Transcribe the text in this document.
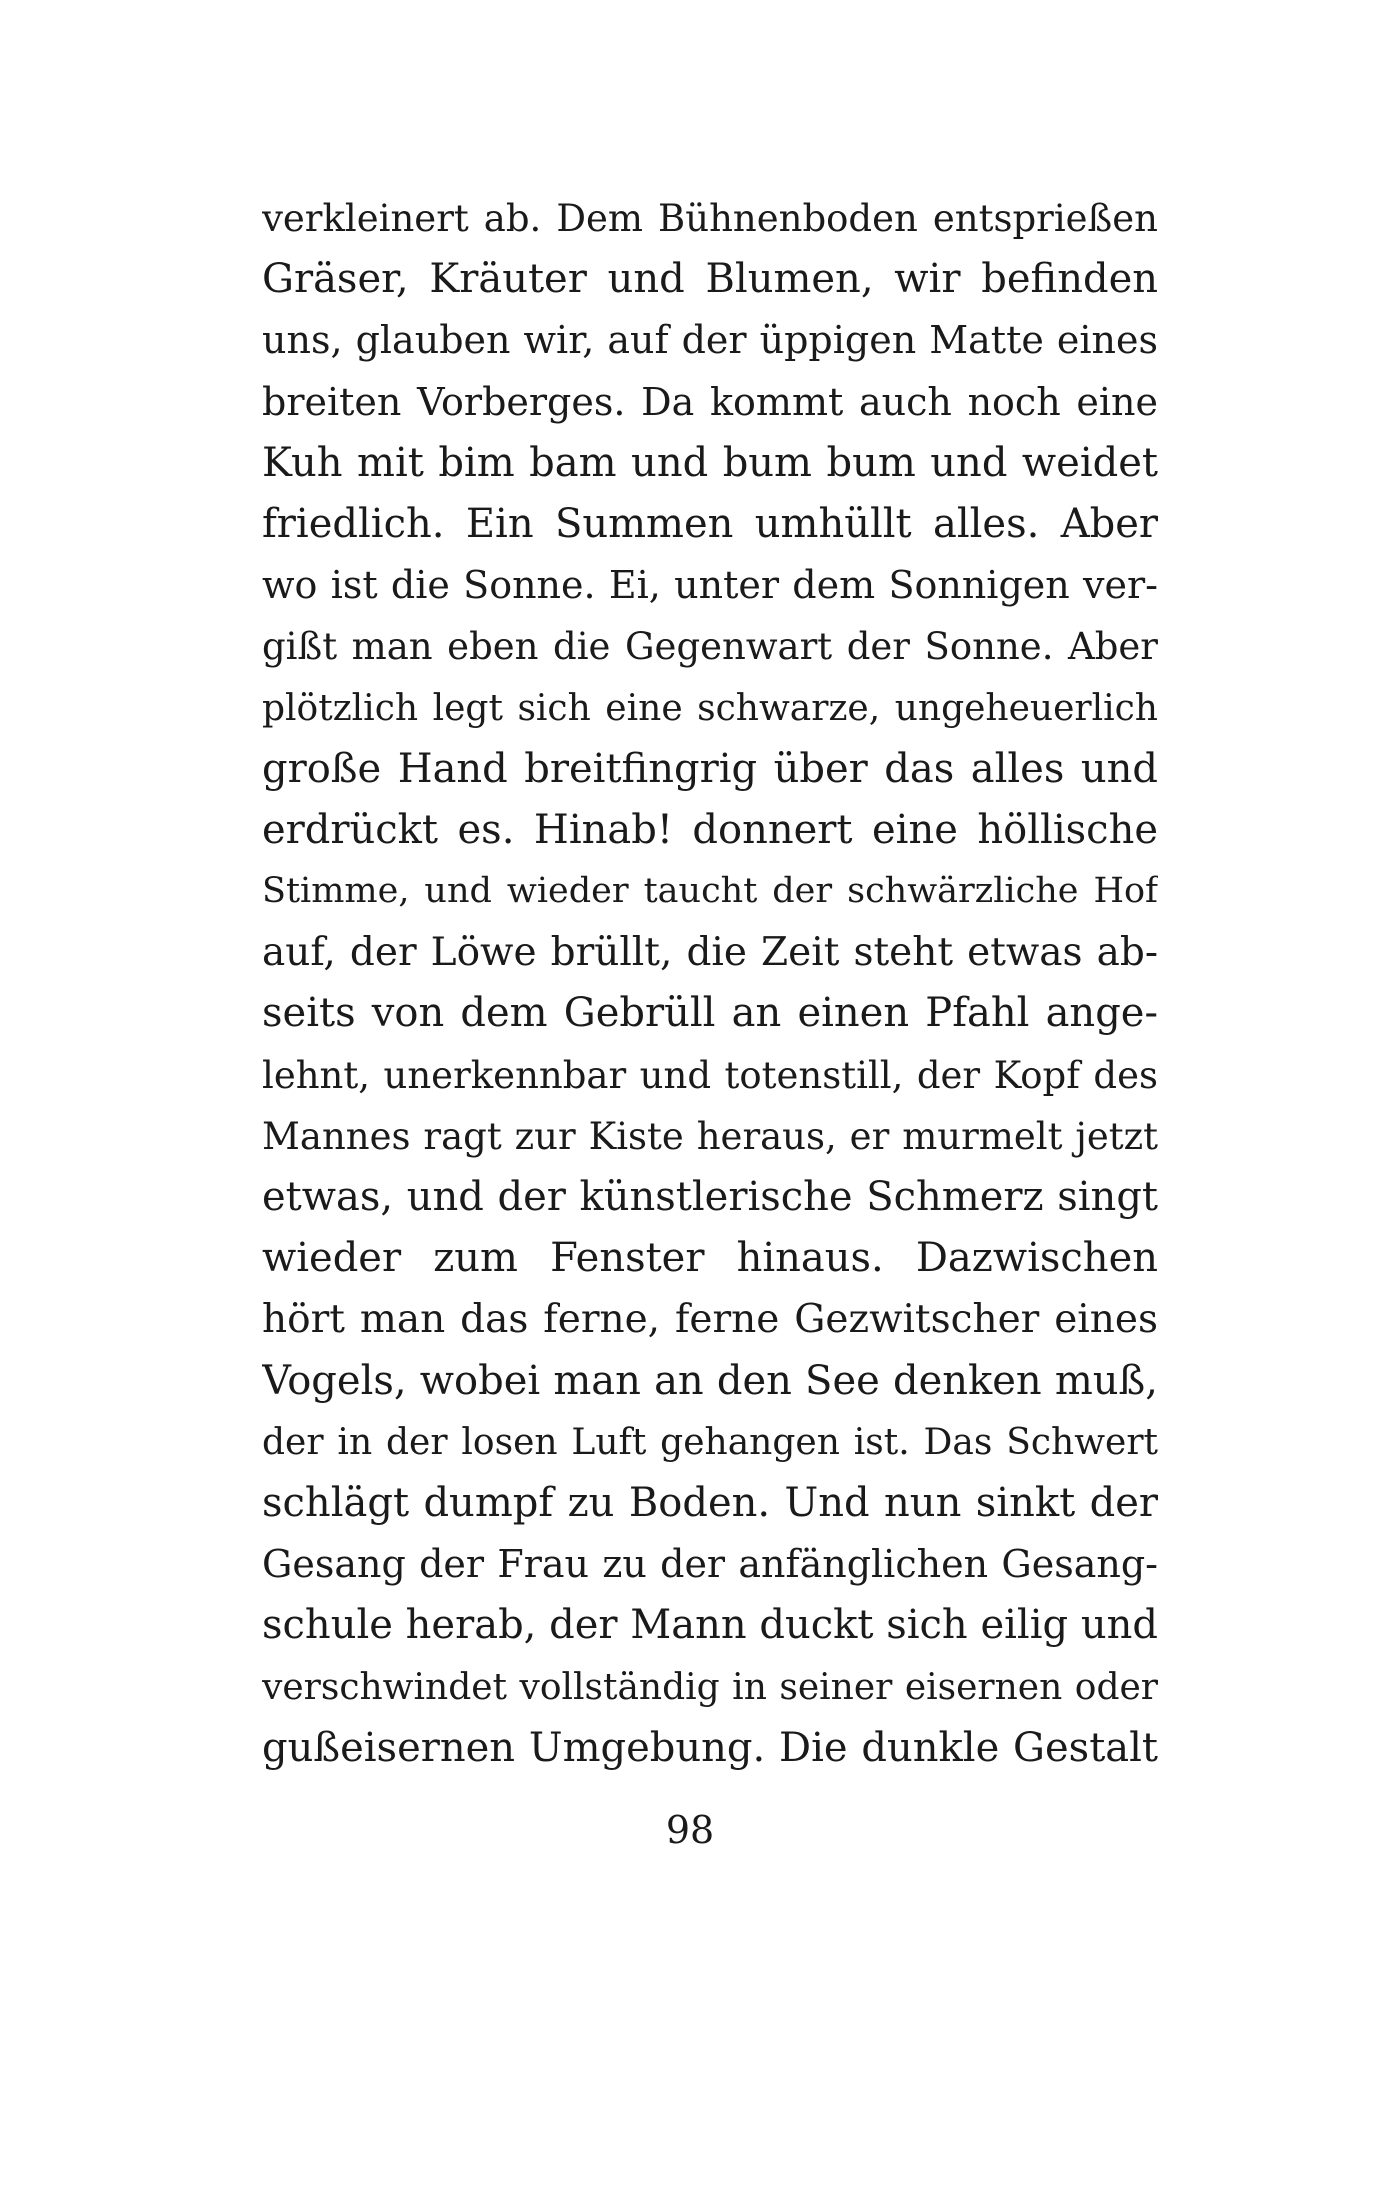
verkleinert ab. Dem Bühnenboden entsprießen
Gräser, Kräuter und Blumen, wir befinden
uns, glauben wir, auf der üppigen Matte eines
breiten Vorberges. Da kommt auch noch eine
Kuh mit bim bam und bum bum und weidet
friedlich. Ein Summen umhüllt alles. Aber
wo ist die Sonne. Ei, unter dem Sonnigen ver-
gißt man eben die Gegenwart der Sonne. Aber
plötzlich legt sich eine schwarze, ungeheuerlich
große Hand breitfingrig über das alles und
erdrückt es. Hinab! donnert eine höllische
Stimme, und wieder taucht der schwärzliche Hof
auf, der Löwe brüllt, die Zeit steht etwas ab-
seits von dem Gebrüll an einen Pfahl ange-
lehnt, unerkennbar und totenstill, der Kopf des
Mannes ragt zur Kiste heraus, er murmelt jetzt
etwas, und der künstlerische Schmerz singt
wieder zum Fenster hinaus. Dazwischen
hört man das ferne, ferne Gezwitscher eines
Vogels, wobei man an den See denken muß,
der in der losen Luft gehangen ist. Das Schwert
schlägt dumpf zu Boden. Und nun sinkt der
Gesang der Frau zu der anfänglichen Gesang-
schule herab, der Mann duckt sich eilig und
verschwindet vollständig in seiner eisernen oder
gußeisernen Umgebung. Die dunkle Gestalt
98
